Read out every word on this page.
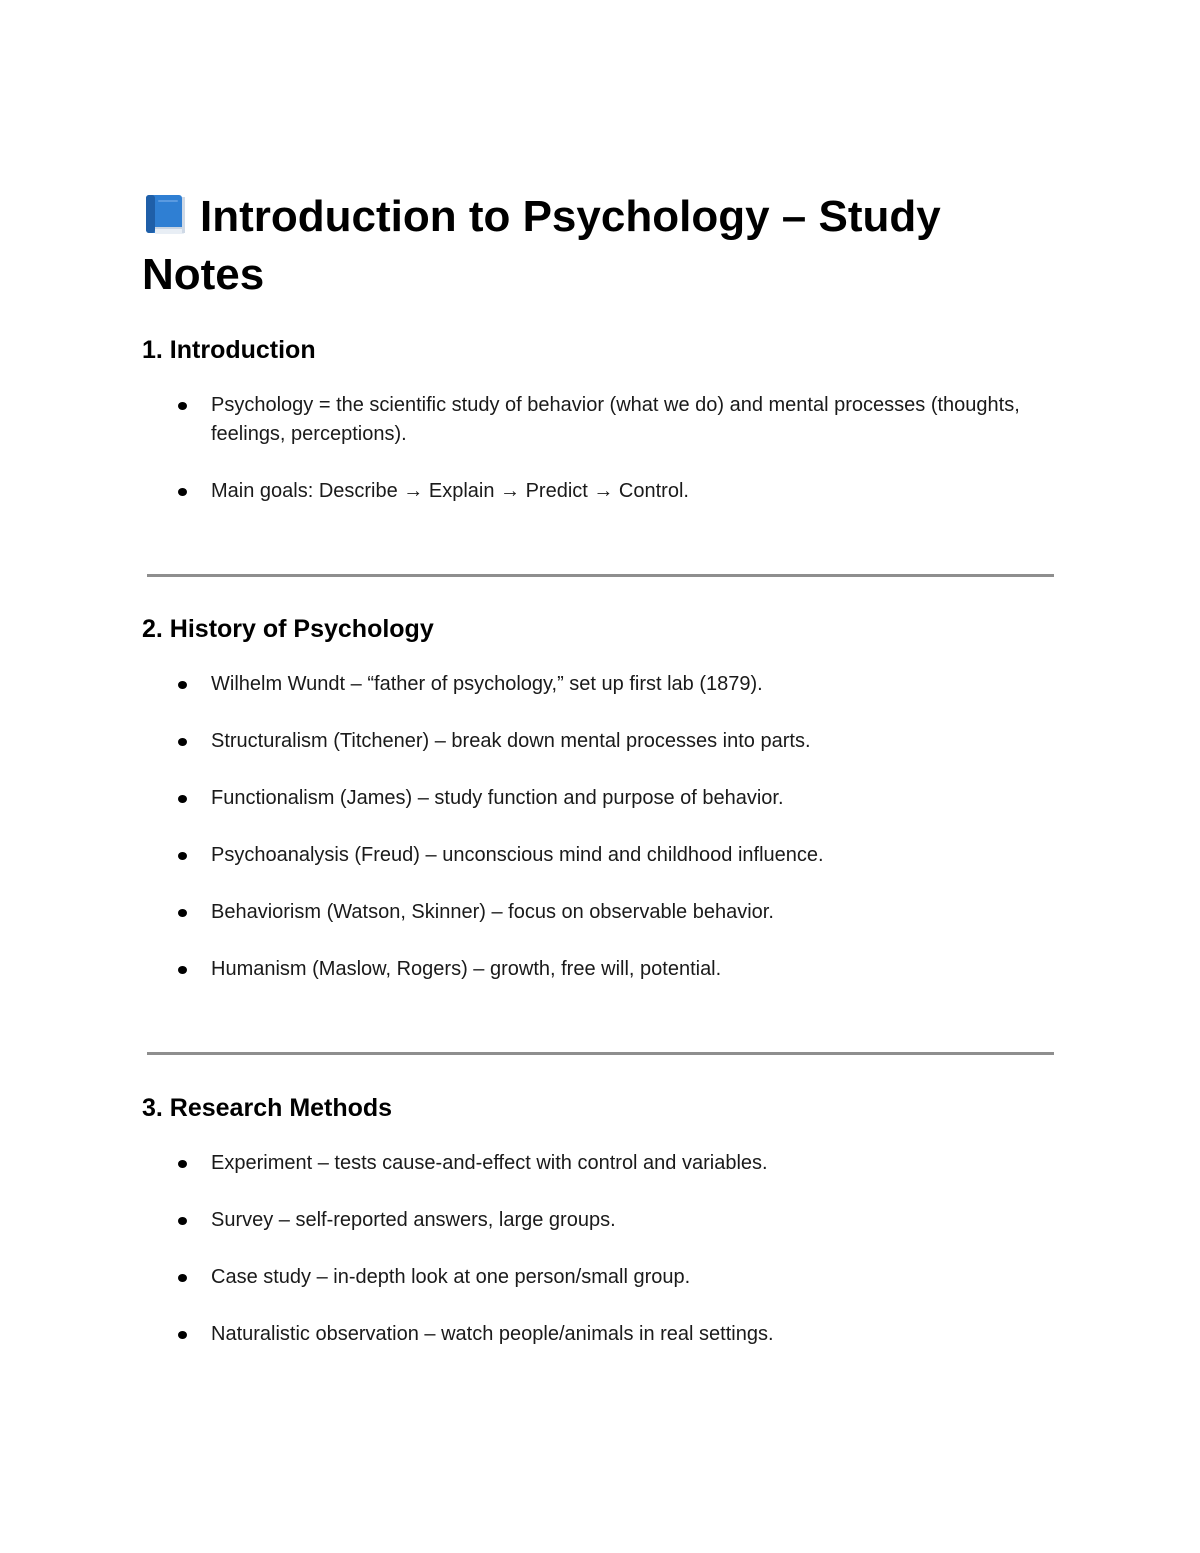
Introduction to Psychology – Study Notes
1. Introduction
Psychology = the scientific study of behavior (what we do) and mental processes (thoughts, feelings, perceptions).
Main goals: Describe → Explain → Predict → Control.
2. History of Psychology
Wilhelm Wundt – “father of psychology,” set up first lab (1879).
Structuralism (Titchener) – break down mental processes into parts.
Functionalism (James) – study function and purpose of behavior.
Psychoanalysis (Freud) – unconscious mind and childhood influence.
Behaviorism (Watson, Skinner) – focus on observable behavior.
Humanism (Maslow, Rogers) – growth, free will, potential.
3. Research Methods
Experiment – tests cause-and-effect with control and variables.
Survey – self-reported answers, large groups.
Case study – in-depth look at one person/small group.
Naturalistic observation – watch people/animals in real settings.
